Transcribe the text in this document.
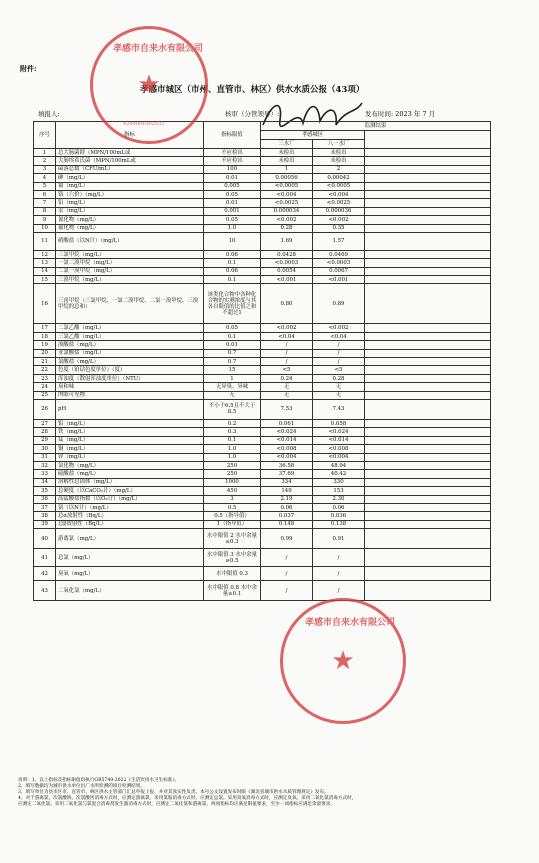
附件:
孝感市城区（市州、直管市、林区）供水水质公报（43项）
填报人:	核审（分管领导）:	发布时间: 2023 年 7 月
序号	指标	指标限值	监测结果		
			孝感城区		
			三水厂	八一水厂	
1	总大肠菌群（MPN/100mL或	不应检出	未检出	未检出	
2	大肠埃希氏菌（MPN/100mL或	不应检出	未检出	未检出	
3	菌落总数（CFU/mL）	100	1	2	
4	砷（mg/L）	0.01	0.00056	0.00042	
5	镉（mg/L）	0.005	<0.0005	<0.0005	
6	铬（六价）（mg/L）	0.05	<0.004	<0.004	
7	铅（mg/L）	0.01	<0.0025	<0.0025	
8	汞（mg/L）	0.001	0.000034	0.000036	
9	氰化物（mg/L）	0.05	<0.002	<0.002	
10	氟化物（mg/L）	1.0	0.28	0.35	
11	硝酸盐（以N计）（mg/L）	10	1.69	1.57	
12	三氯甲烷（mg/L）	0.06	0.0428	0.0469	
13	一氯二溴甲烷（mg/L）	0.1	<0.0003	<0.0003	
14	二氯一溴甲烷（mg/L）	0.06	0.0054	0.0067	
15	三溴甲烷（mg/L）	0.1	<0.001	<0.001	
16	三卤甲烷（三氯甲烷、一氯二溴甲烷、二氯一溴甲烷、三溴甲烷的总和）	该类化合物中各种化合物的实测浓度与其各自限值的比值之和不超过1	0.80	0.89	
17	二氯乙酸（mg/L）	0.05	<0.002	<0.002	
18	三氯乙酸（mg/L）	0.1	<0.04	<0.04	
19	溴酸盐（mg/L）	0.01	/	/	
20	亚氯酸盐（mg/L）	0.7	/	/	
21	氯酸盐（mg/L）	0.7	/	/	
22	色度（铂钴色度单位）（度）	15	<5	<5	
23	浑浊度（散射浑浊度单位）（NTU）	1	0.24	0.28	
24	臭和味	无异臭、异味	无	无	
25	肉眼可见物	无	无	无	
26	pH	不小于6.5且不大于8.5	7.53	7.43	
27	铝（mg/L）	0.2	0.061	0.058	
28	铁（mg/L）	0.3	<0.024	<0.024	
29	锰（mg/L）	0.1	<0.014	<0.014	
30	铜（mg/L）	1.0	<0.008	<0.008	
31	锌（mg/L）	1.0	<0.004	<0.004	
32	氯化物（mg/L）	250	36.58	48.94	
33	硫酸盐（mg/L）	250	37.69	40.42	
34	溶解性总固体（mg/L）	1000	334	330	
35	总硬度（以CaCO₃计）（mg/L）	450	149	153	
36	高锰酸盐指数（以O₂计）（mg/L）	3	2.19	2.30	
37	氨（以N计）（mg/L）	0.5	0.06	0.06	
38	总α放射性（Bq/L）	0.5（指导值）	0.037	0.036	
39	总β放射性（Bq/L）	1（指导值）	0.148	0.138	
40	游离氯（mg/L）	水中限值 2 水中余量≥0.3	0.99	0.91	
41	总氯（mg/L）	水中限值 3 水中余量≥0.5	/	/	
42	臭氧（mg/L）	水中限值 0.3	/	/	
43	二氧化氯（mg/L）	水中限值 0.8 水中余量≥0.1	/	/	
说明：1、以上指标及指标限值均执行GB5749-2022《生活饮用水卫生标准》。
2、填写数据均为城市供水单位出厂水所检测的项目检测结果。
3、填写单位为县市区市、直管市、林区供水主管部门汇总申报上报，并对其真实性负责。本号公文设置发布时限《湖北省城市供水水质管理规定》发布。
4、对于游离氯、次氯酸钠、次氯酸钙消毒方式时，应测定游离氯、采用氯胺消毒方式时，应测定总氯。采用臭氧消毒方式时，应测定臭氧。采用二氧化氯消毒方式时，
应测定二氧化氯。采用二氧化氯与氯混合消毒剂发生器消毒方式时，应测定二氧化氯和游离氯，两项指标均应满足限值要求，至少一项指标应满足余量要求。
★
孝感市自来水有限公司
4209001002532
★
孝感市自来水有限公司
